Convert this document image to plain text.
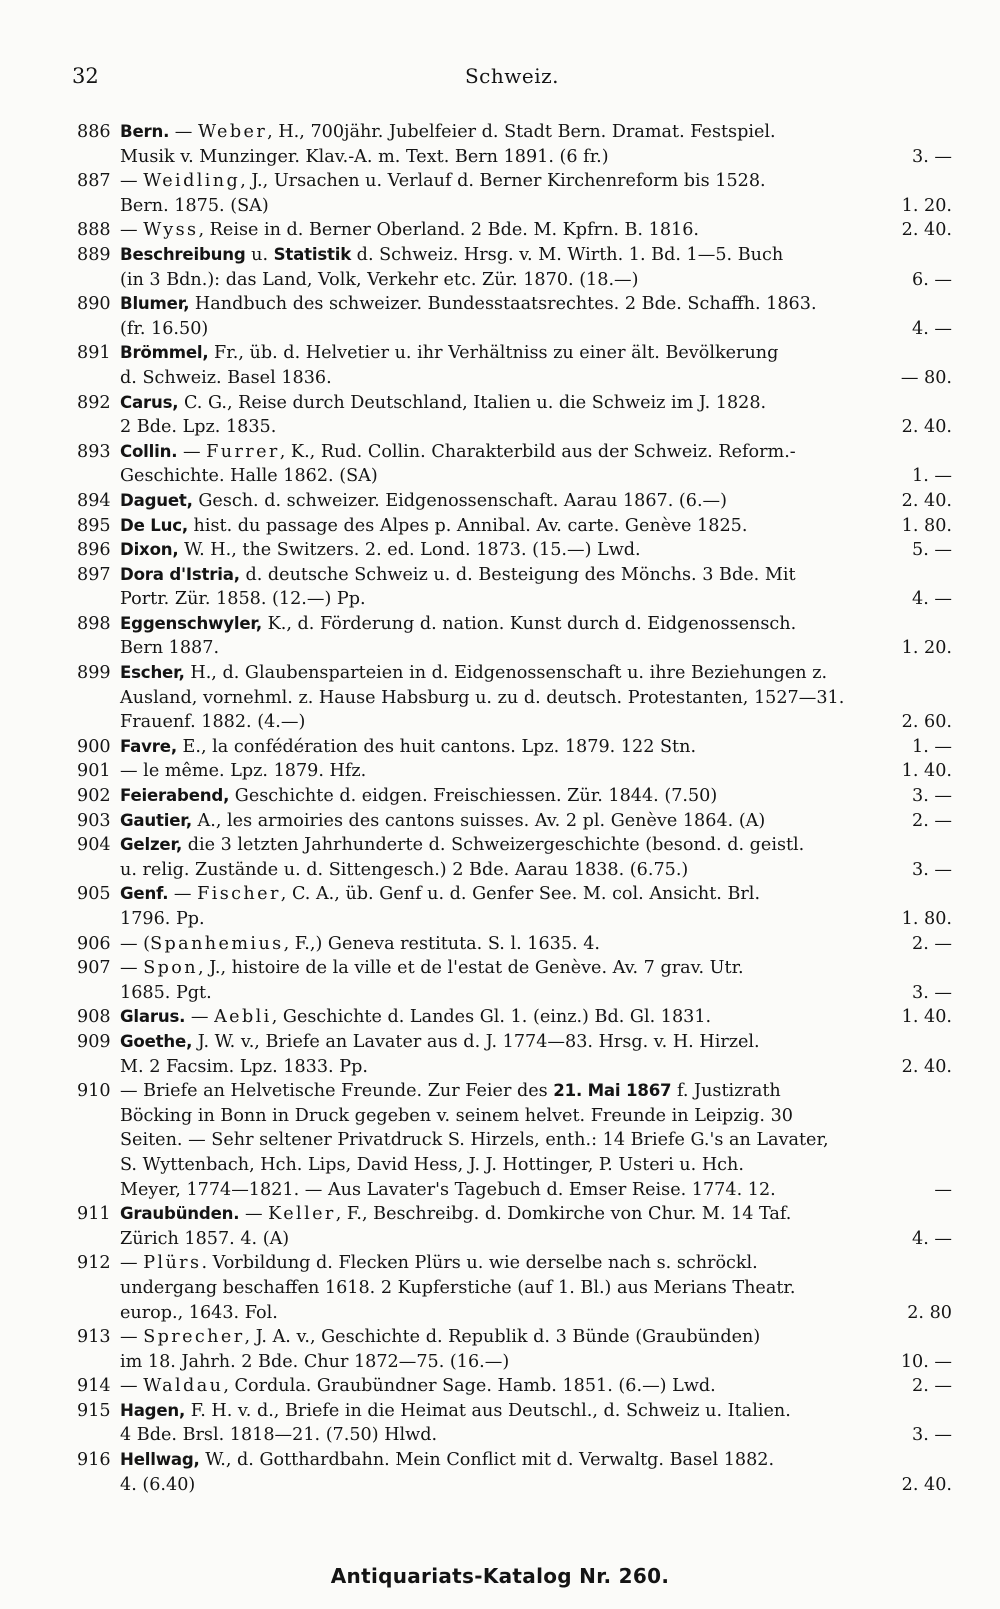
32	Schweiz.
886 Bern. — Weber, H., 700jähr. Jubelfeier d. Stadt Bern. Dramat. Festspiel.
Musik v. Munzinger. Klav.-A. m. Text. Bern 1891. (6 fr.)	3. —
887 — Weidling, J., Ursachen u. Verlauf d. Berner Kirchenreform bis 1528.
Bern. 1875. (SA)	1. 20.
888 — Wyss, Reise in d. Berner Oberland. 2 Bde. M. Kpfrn. B. 1816.	2. 40.
889 Beschreibung u. Statistik d. Schweiz. Hrsg. v. M. Wirth. 1. Bd. 1—5. Buch
(in 3 Bdn.): das Land, Volk, Verkehr etc. Zür. 1870. (18.—)	6. —
890 Blumer, Handbuch des schweizer. Bundesstaatsrechtes. 2 Bde. Schaffh. 1863.
(fr. 16.50)	4. —
891 Brömmel, Fr., üb. d. Helvetier u. ihr Verhältniss zu einer ält. Bevölkerung
d. Schweiz. Basel 1836.	— 80.
892 Carus, C. G., Reise durch Deutschland, Italien u. die Schweiz im J. 1828.
2 Bde. Lpz. 1835.	2. 40.
893 Collin. — Furrer, K., Rud. Collin. Charakterbild aus der Schweiz. Reform.-
Geschichte. Halle 1862. (SA)	1. —
894 Daguet, Gesch. d. schweizer. Eidgenossenschaft. Aarau 1867. (6.—)	2. 40.
895 De Luc, hist. du passage des Alpes p. Annibal. Av. carte. Genève 1825.	1. 80.
896 Dixon, W. H., the Switzers. 2. ed. Lond. 1873. (15.—) Lwd.	5. —
897 Dora d'Istria, d. deutsche Schweiz u. d. Besteigung des Mönchs. 3 Bde. Mit
Portr. Zür. 1858. (12.—) Pp.	4. —
898 Eggenschwyler, K., d. Förderung d. nation. Kunst durch d. Eidgenossensch.
Bern 1887.	1. 20.
899 Escher, H., d. Glaubensparteien in d. Eidgenossenschaft u. ihre Beziehungen z.
Ausland, vornehml. z. Hause Habsburg u. zu d. deutsch. Protestanten, 1527—31.
Frauenf. 1882. (4.—)	2. 60.
900 Favre, E., la confédération des huit cantons. Lpz. 1879. 122 Stn.	1. —
901 — le même. Lpz. 1879. Hfz.	1. 40.
902 Feierabend, Geschichte d. eidgen. Freischiessen. Zür. 1844. (7.50)	3. —
903 Gautier, A., les armoiries des cantons suisses. Av. 2 pl. Genève 1864. (A)	2. —
904 Gelzer, die 3 letzten Jahrhunderte d. Schweizergeschichte (besond. d. geistl.
u. relig. Zustände u. d. Sittengesch.) 2 Bde. Aarau 1838. (6.75.)	3. —
905 Genf. — Fischer, C. A., üb. Genf u. d. Genfer See. M. col. Ansicht. Brl.
1796. Pp.	1. 80.
906 — (Spanhemius, F.,) Geneva restituta. S. l. 1635. 4.	2. —
907 — Spon, J., histoire de la ville et de l'estat de Genève. Av. 7 grav. Utr.
1685. Pgt.	3. —
908 Glarus. — Aebli, Geschichte d. Landes Gl. 1. (einz.) Bd. Gl. 1831.	1. 40.
909 Goethe, J. W. v., Briefe an Lavater aus d. J. 1774—83. Hrsg. v. H. Hirzel.
M. 2 Facsim. Lpz. 1833. Pp.	2. 40.
910 — Briefe an Helvetische Freunde. Zur Feier des 21. Mai 1867 f. Justizrath
Böcking in Bonn in Druck gegeben v. seinem helvet. Freunde in Leipzig. 30
Seiten. — Sehr seltener Privatdruck S. Hirzels, enth.: 14 Briefe G.'s an Lavater,
S. Wyttenbach, Hch. Lips, David Hess, J. J. Hottinger, P. Usteri u. Hch.
Meyer, 1774—1821. — Aus Lavater's Tagebuch d. Emser Reise. 1774. 12.	—
911 Graubünden. — Keller, F., Beschreibg. d. Domkirche von Chur. M. 14 Taf.
Zürich 1857. 4. (A)	4. —
912 — Plürs. Vorbildung d. Flecken Plürs u. wie derselbe nach s. schröckl.
undergang beschaffen 1618. 2 Kupferstiche (auf 1. Bl.) aus Merians Theatr.
europ., 1643. Fol.	2. 80
913 — Sprecher, J. A. v., Geschichte d. Republik d. 3 Bünde (Graubünden)
im 18. Jahrh. 2 Bde. Chur 1872—75. (16.—)	10. —
914 — Waldau, Cordula. Graubündner Sage. Hamb. 1851. (6.—) Lwd.	2. —
915 Hagen, F. H. v. d., Briefe in die Heimat aus Deutschl., d. Schweiz u. Italien.
4 Bde. Brsl. 1818—21. (7.50) Hlwd.	3. —
916 Hellwag, W., d. Gotthardbahn. Mein Conflict mit d. Verwaltg. Basel 1882.
4. (6.40)	2. 40.
Antiquariats-Katalog Nr. 260.
